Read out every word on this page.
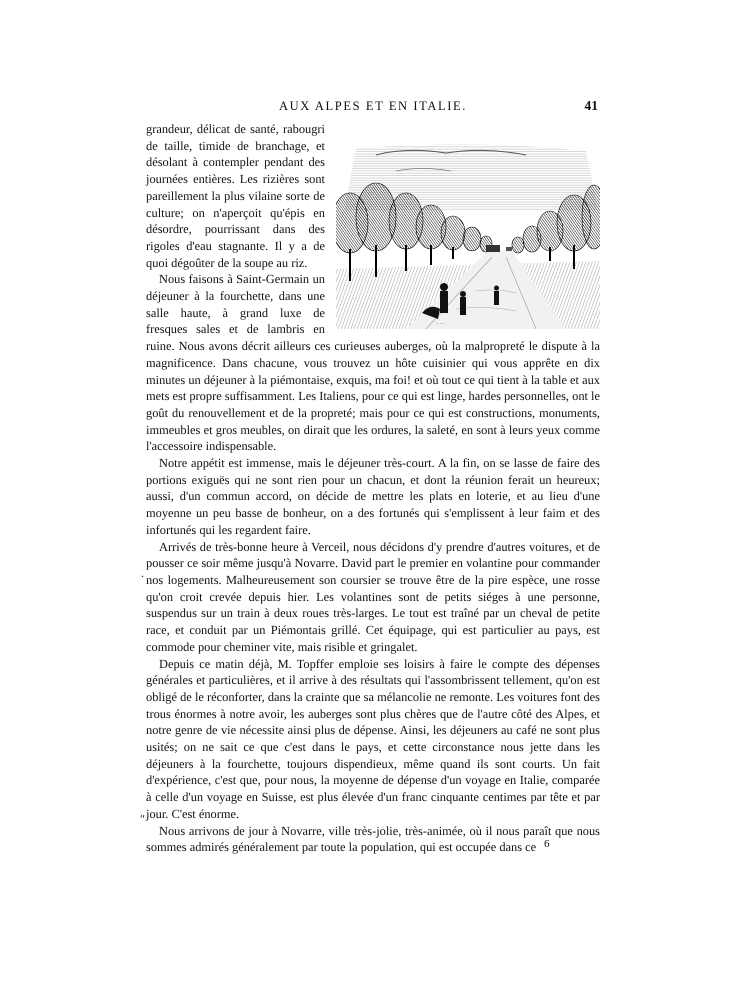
AUX ALPES ET EN ITALIE.	41
·····

grandeur, délicat de santé, rabougri de taille, timide de branchage, et désolant à contempler pendant des journées entières. Les rizières sont pareillement la plus vilaine sorte de culture; on n'aperçoit qu'épis en désordre, pourrissant dans des rigoles d'eau stagnante. Il y a de quoi dégoûter de la soupe au riz.

Nous faisons à Saint-Germain un déjeuner à la fourchette, dans une salle haute, à grand luxe de fresques sales et de lambris en ruine. Nous avons décrit ailleurs ces curieuses auberges, où la malpropreté le dispute à la magnificence. Dans chacune, vous trouvez un hôte cuisinier qui vous apprête en dix minutes un déjeuner à la piémontaise, exquis, ma foi! et où tout ce qui tient à la table et aux mets est propre suffisamment. Les Italiens, pour ce qui est linge, hardes personnelles, ont le goût du renouvellement et de la propreté; mais pour ce qui est constructions, monuments, immeubles et gros meubles, on dirait que les ordures, la saleté, en sont à leurs yeux comme l'accessoire indispensable.

Notre appétit est immense, mais le déjeuner très-court. A la fin, on se lasse de faire des portions exiguës qui ne sont rien pour un chacun, et dont la réunion ferait un heureux; aussi, d'un commun accord, on décide de mettre les plats en loterie, et au lieu d'une moyenne un peu basse de bonheur, on a des fortunés qui s'emplissent à leur faim et des infortunés qui les regardent faire.

Arrivés de très-bonne heure à Verceil, nous décidons d'y prendre d'autres voitures, et de pousser ce soir même jusqu'à Novarre. David part le premier en volantine pour commander nos logements. Malheureusement son coursier se trouve être de la pire espèce, une rosse qu'on croit crevée depuis hier. Les volantines sont de petits siéges à une personne, suspendus sur un train à deux roues très-larges. Le tout est traîné par un cheval de petite race, et conduit par un Piémontais grillé. Cet équipage, qui est particulier au pays, est commode pour cheminer vite, mais risible et gringalet.

Depuis ce matin déjà, M. Topffer emploie ses loisirs à faire le compte des dépenses générales et particulières, et il arrive à des résultats qui l'assombrissent tellement, qu'on est obligé de le réconforter, dans la crainte que sa mélancolie ne remonte. Les voitures font des trous énormes à notre avoir, les auberges sont plus chères que de l'autre côté des Alpes, et notre genre de vie nécessite ainsi plus de dépense. Ainsi, les déjeuners au café ne sont plus usités; on ne sait ce que c'est dans le pays, et cette circonstance nous jette dans les déjeuners à la fourchette, toujours dispendieux, même quand ils sont courts. Un fait d'expérience, c'est que, pour nous, la moyenne de dépense d'un voyage en Italie, comparée à celle d'un voyage en Suisse, est plus élevée d'un franc cinquante centimes par tête et par jour. C'est énorme.

Nous arrivons de jour à Novarre, ville très-jolie, très-animée, où il nous paraît que nous sommes admirés généralement par toute la population, qui est occupée dans ce

.
ʺ
6
